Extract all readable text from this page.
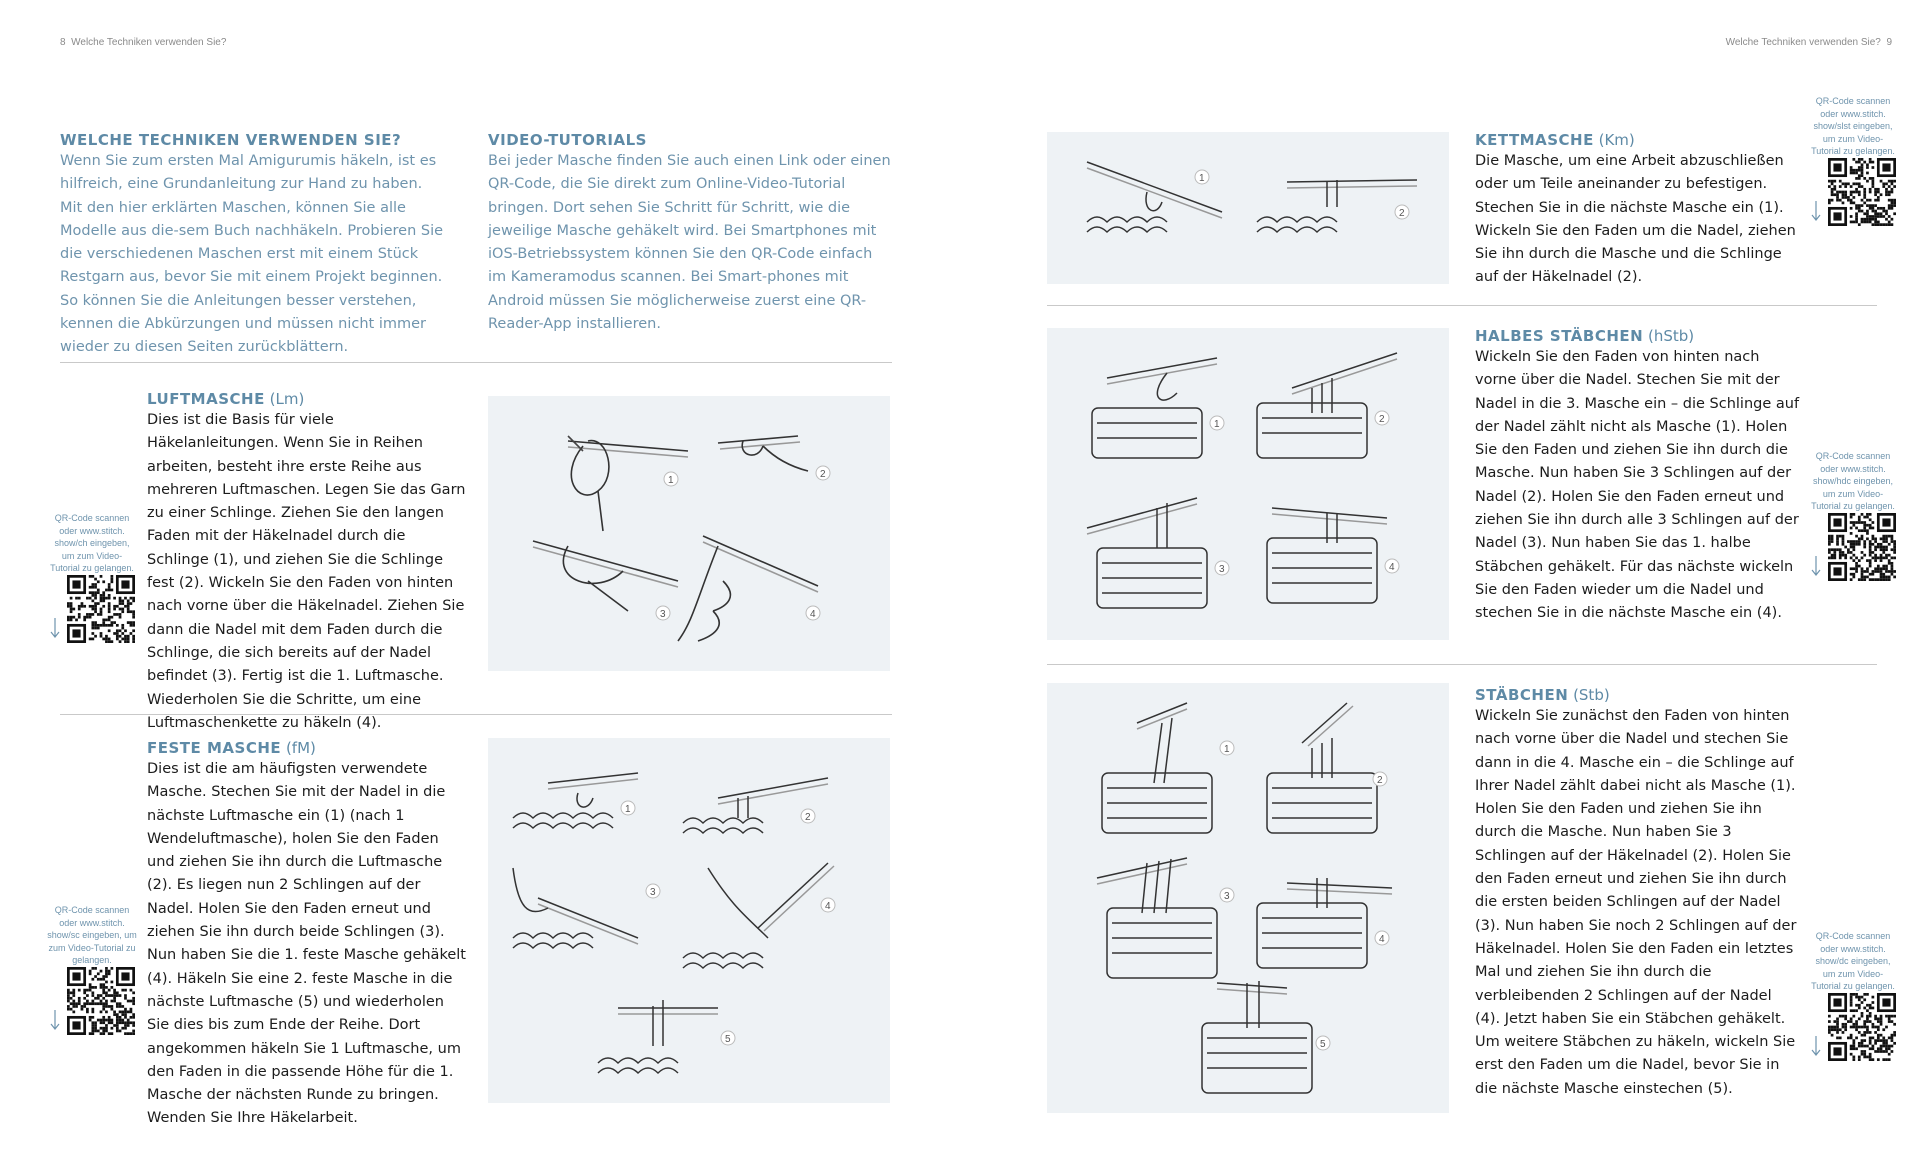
8 Welche Techniken verwenden Sie?	Welche Techniken verwenden Sie? 9
WELCHE TECHNIKEN VERWENDEN SIE?
Wenn Sie zum ersten Mal Amigurumis häkeln, ist es hilfreich, eine Grundanleitung zur Hand zu haben. Mit den hier erklärten Maschen, können Sie alle Modelle aus die-sem Buch nachhäkeln. Probieren Sie die verschiedenen Maschen erst mit einem Stück Restgarn aus, bevor Sie mit einem Projekt beginnen. So können Sie die Anleitungen besser verstehen, kennen die Abkürzungen und müssen nicht immer wieder zu diesen Seiten zurückblättern.
VIDEO-TUTORIALS
Bei jeder Masche finden Sie auch einen Link oder einen QR-Code, die Sie direkt zum Online-Video-Tutorial bringen. Dort sehen Sie Schritt für Schritt, wie die jeweilige Masche gehäkelt wird. Bei Smartphones mit iOS-Betriebssystem können Sie den QR-Code einfach im Kameramodus scannen. Bei Smart-phones mit Android müssen Sie möglicherweise zuerst eine QR-Reader-App installieren.
LUFTMASCHE (Lm)
Dies ist die Basis für viele Häkelanleitungen. Wenn Sie in Reihen arbeiten, besteht ihre erste Reihe aus mehreren Luftmaschen. Legen Sie das Garn zu einer Schlinge. Ziehen Sie den langen Faden mit der Häkelnadel durch die Schlinge (1), und ziehen Sie die Schlinge fest (2). Wickeln Sie den Faden von hinten nach vorne über die Häkelnadel. Ziehen Sie dann die Nadel mit dem Faden durch die Schlinge, die sich bereits auf der Nadel befindet (3). Fertig ist die 1. Luftmasche. Wiederholen Sie die Schritte, um eine Luftmaschenkette zu häkeln (4).
QR-Code scannen oder www.stitch. show/ch eingeben, um zum Video-Tutorial zu gelangen.

1
2
3	4
FESTE MASCHE (fM)
Dies ist die am häufigsten verwendete Masche. Stechen Sie mit der Nadel in die nächste Luftmasche ein (1) (nach 1 Wendeluftmasche), holen Sie den Faden und ziehen Sie ihn durch die Luftmasche (2). Es liegen nun 2 Schlingen auf der Nadel. Holen Sie den Faden erneut und ziehen Sie ihn durch beide Schlingen (3). Nun haben Sie die 1. feste Masche gehäkelt (4). Häkeln Sie eine 2. feste Masche in die nächste Luftmasche (5) und wiederholen Sie dies bis zum Ende der Reihe. Dort angekommen häkeln Sie 1 Luftmasche, um den Faden in die passende Höhe für die 1. Masche der nächsten Runde zu bringen. Wenden Sie Ihre Häkelarbeit.
QR-Code scannen oder www.stitch. show/sc eingeben, um zum Video-Tutorial zu gelangen.

1
2
3
4
5
1
2
KETTMASCHE (Km)
Die Masche, um eine Arbeit abzuschließen oder um Teile aneinander zu befestigen. Stechen Sie in die nächste Masche ein (1). Wickeln Sie den Faden um die Nadel, ziehen Sie ihn durch die Masche und die Schlinge auf der Häkelnadel (2).
QR-Code scannen oder www.stitch. show/slst eingeben, um zum Video-Tutorial zu gelangen.

1	2
3	4
HALBES STÄBCHEN (hStb)
Wickeln Sie den Faden von hinten nach vorne über die Nadel. Stechen Sie mit der Nadel in die 3. Masche ein – die Schlinge auf der Nadel zählt nicht als Masche (1). Holen Sie den Faden und ziehen Sie ihn durch die Masche. Nun haben Sie 3 Schlingen auf der Nadel (2). Holen Sie den Faden erneut und ziehen Sie ihn durch alle 3 Schlingen auf der Nadel (3). Nun haben Sie das 1. halbe Stäbchen gehäkelt. Für das nächste wickeln Sie den Faden wieder um die Nadel und stechen Sie in die nächste Masche ein (4).
QR-Code scannen oder www.stitch. show/hdc eingeben, um zum Video-Tutorial zu gelangen.

1
2
3
4
5
STÄBCHEN (Stb)
Wickeln Sie zunächst den Faden von hinten nach vorne über die Nadel und stechen Sie dann in die 4. Masche ein – die Schlinge auf Ihrer Nadel zählt dabei nicht als Masche (1). Holen Sie den Faden und ziehen Sie ihn durch die Masche. Nun haben Sie 3 Schlingen auf der Häkelnadel (2). Holen Sie den Faden erneut und ziehen Sie ihn durch die ersten beiden Schlingen auf der Nadel (3). Nun haben Sie noch 2 Schlingen auf der Häkelnadel. Holen Sie den Faden ein letztes Mal und ziehen Sie ihn durch die verbleibenden 2 Schlingen auf der Nadel (4). Jetzt haben Sie ein Stäbchen gehäkelt. Um weitere Stäbchen zu häkeln, wickeln Sie erst den Faden um die Nadel, bevor Sie in die nächste Masche einstechen (5).
QR-Code scannen oder www.stitch. show/dc eingeben, um zum Video-Tutorial zu gelangen.
